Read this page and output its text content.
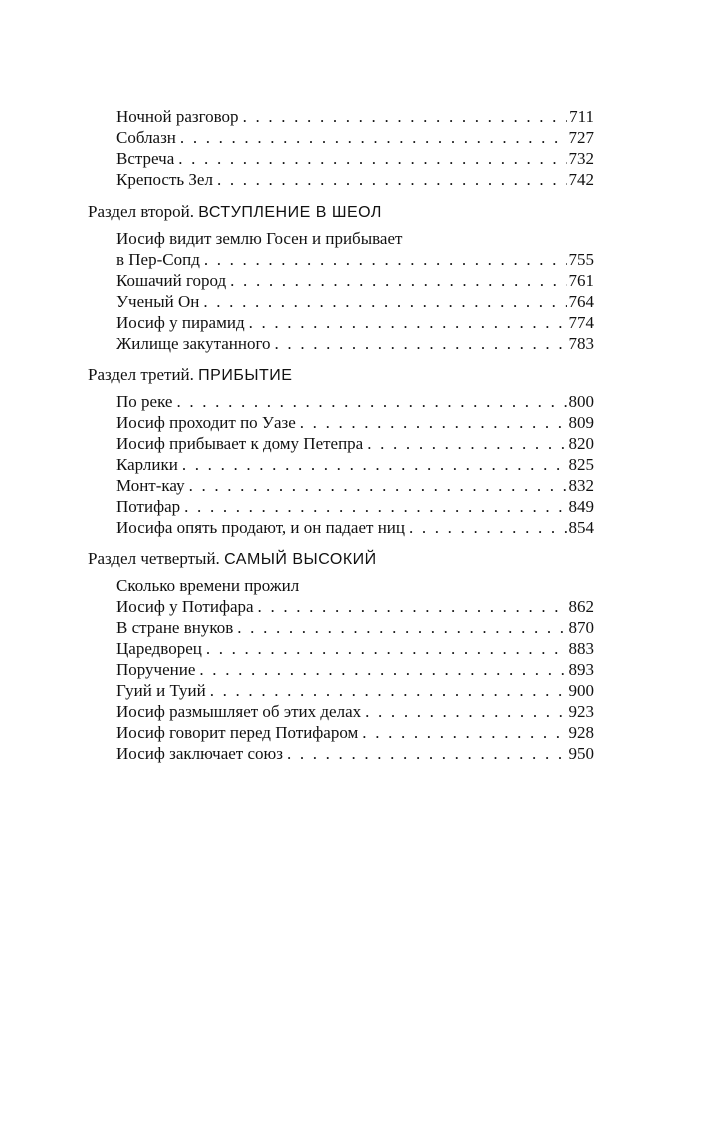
Ночной разговор . . .	711
Соблазн . . .	727
Встреча . . .	732
Крепость Зел . . .	742
Раздел второй. ВСТУПЛЕНИЕ В ШЕОЛ
Иосиф видит землю Госен и прибывает
в Пер-Сопд . . .	755
Кошачий город . . .	761
Ученый Он . . .	764
Иосиф у пирамид . . .	774
Жилище закутанного . . .	783
Раздел третий. ПРИБЫТИЕ
По реке . . .	800
Иосиф проходит по Уазе . . .	809
Иосиф прибывает к дому Петепра . . .	820
Карлики . . .	825
Монт-кау . . .	832
Потифар . . .	849
Иосифа опять продают, и он падает ниц . . .	854
Раздел четвертый. САМЫЙ ВЫСОКИЙ
Сколько времени прожил
Иосиф у Потифара . . .	862
В стране внуков . . .	870
Царедворец . . .	883
Поручение . . .	893
Гуий и Туий . . .	900
Иосиф размышляет об этих делах . . .	923
Иосиф говорит перед Потифаром . . .	928
Иосиф заключает союз . . .	950
